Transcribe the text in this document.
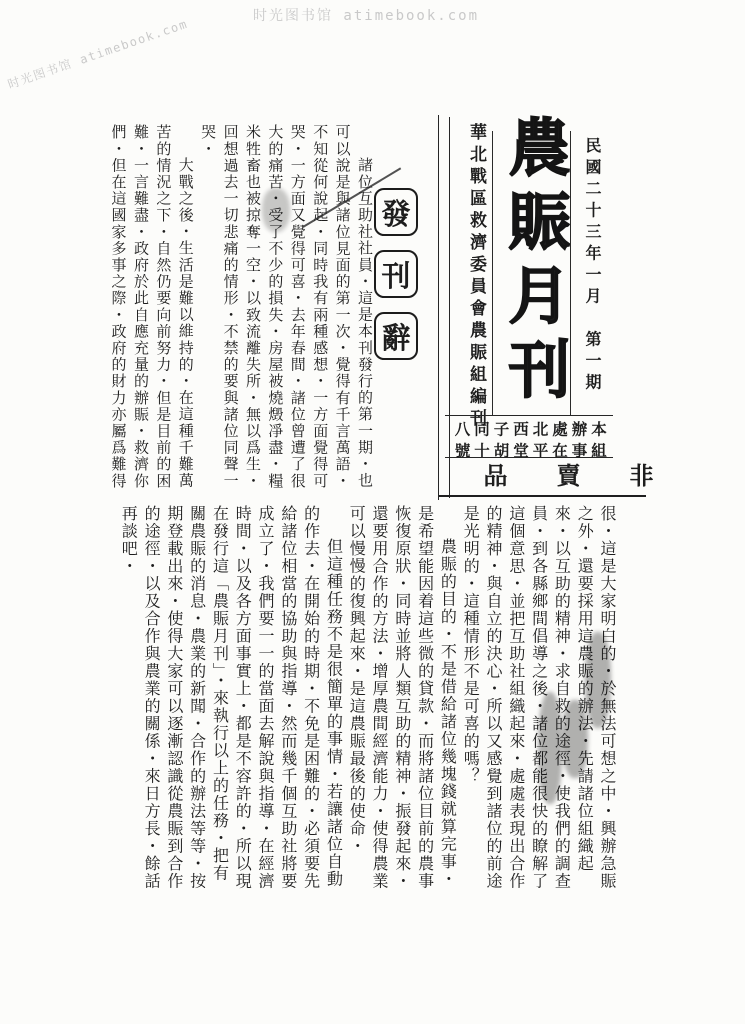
时光图书馆 atimebook.com
时光图书馆 atimebook.com
華北戰區救濟委員會農賑組編刊 農賑月刊	民國二十三年一月　第一期
本組辦事處在北平西堂子胡同十八號
非賣品
發
刊
辭

諸位互助社社員・這是本刊發行的第一期・也可以說是與諸位見面的第一次・覺得有千言萬語・不知從何說起・同時我有兩種感想・一方面覺得可哭・一方面又覺得可喜・去年春間・諸位曾遭了很大的痛苦・受了不少的損失・房屋被燒燬凈盡・糧米牲畜也被掠奪一空・以致流離失所・無以爲生・回想過去一切悲痛的情形・不禁的要與諸位同聲一哭・

大戰之後・生活是難以維持的・在這種千難萬苦的情況之下・自然仍要向前努力・但是目前的困難・一言難盡・政府於此自應充量的辦賑・救濟你們・但在這國家多事之際・政府的財力亦屬爲難得

很・這是大家明白的・於無法可想之中・興辦急賑之外・還要採用這農賑的辦法・先請諸位組織起來・以互助的精神・求自救的途徑・使我們的調查員・到各縣鄉間倡導之後・諸位都能很快的瞭解了這個意思・並把互助社組織起來・處處表現出合作的精神・與自立的決心・所以又感覺到諸位的前途是光明的・這種情形不是可喜的嗎？

農賑的目的・不是借給諸位幾塊錢就算完事・是希望能因着這些微的貸款・而將諸位目前的農事恢復原狀・同時並將人類互助的精神・振發起來・還要用合作的方法・增厚農間經濟能力・使得農業可以慢慢的復興起來・是這農賑最後的使命・

但這種任務不是很簡單的事情・若讓諸位自動的作去・在開始的時期・不免是困難的・必須要先給諸位相當的協助與指導・然而幾千個互助社將要成立了・我們要一一的當面去解說與指導・在經濟時間・以及各方面事實上・都是不容許的・所以現在發行這「農賑月刊」・來執行以上的任務・把有關農賑的消息・農業的新聞・合作的辦法等等・按期登載出來・使得大家可以逐漸認識從農賑到合作的途徑・以及合作與農業的關係・來日方長・餘話再談吧・
